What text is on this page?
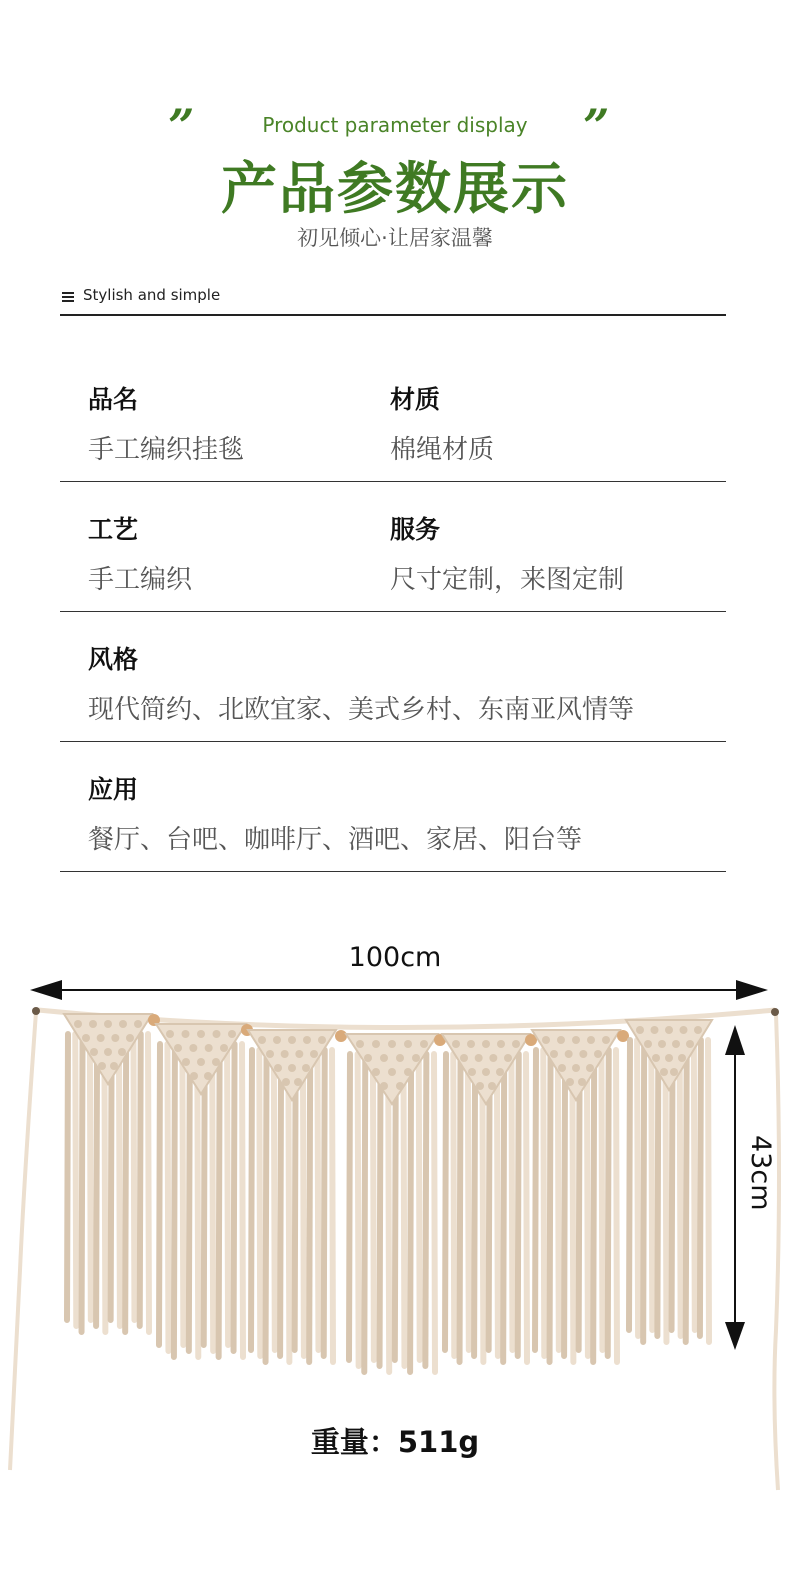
”	Product parameter display	”
产品参数展示
初见倾心·让居家温馨
Stylish and simple
品名
手工编织挂毯
材质
棉绳材质
工艺
手工编织
服务
尺寸定制，来图定制
风格
现代简约、北欧宜家、美式乡村、东南亚风情等
应用
餐厅、台吧、咖啡厅、酒吧、家居、阳台等
100cm
43cm
重量：511g
